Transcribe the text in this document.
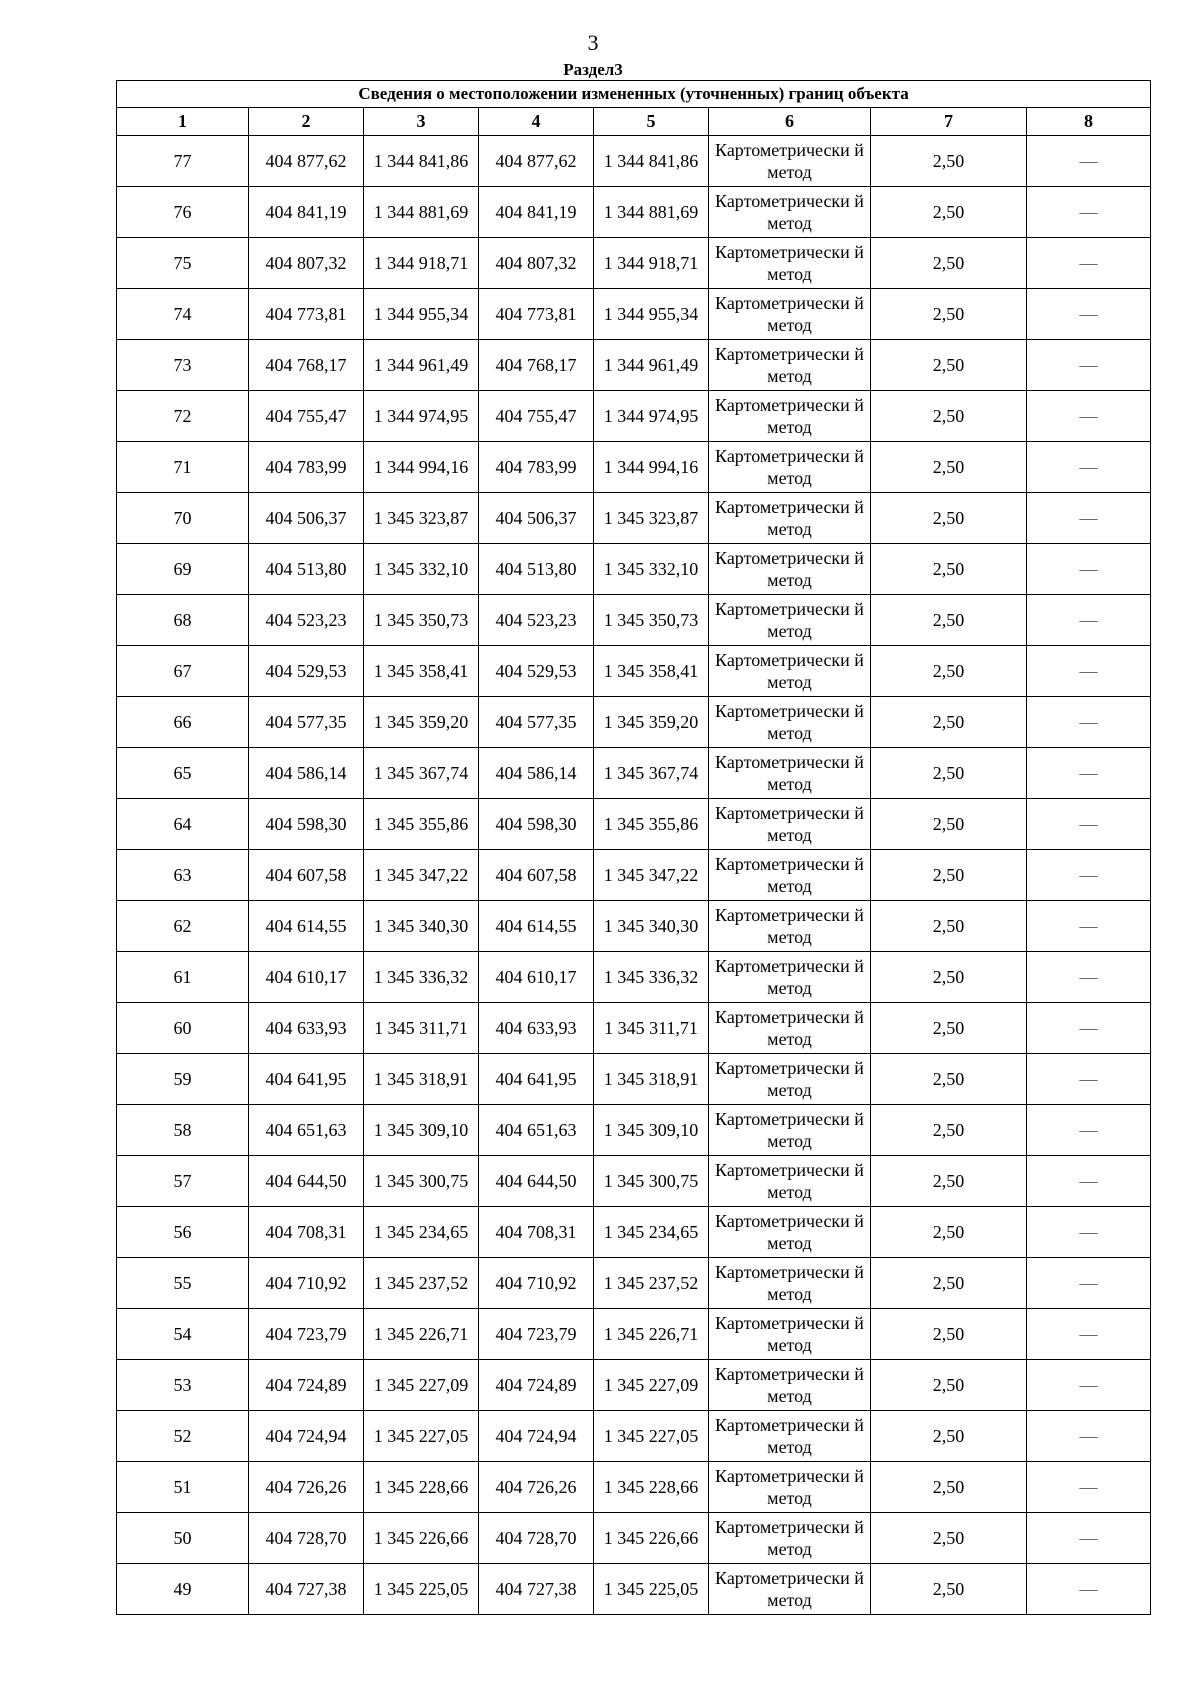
3
Раздел3
Сведения о местоположении измененных (уточненных) границ объекта							
1	2	3	4	5	6	7	8
77	404 877,62	1 344 841,86	404 877,62	1 344 841,86	Картометрически й метод	2,50	—
76	404 841,19	1 344 881,69	404 841,19	1 344 881,69	Картометрически й метод	2,50	—
75	404 807,32	1 344 918,71	404 807,32	1 344 918,71	Картометрически й метод	2,50	—
74	404 773,81	1 344 955,34	404 773,81	1 344 955,34	Картометрически й метод	2,50	—
73	404 768,17	1 344 961,49	404 768,17	1 344 961,49	Картометрически й метод	2,50	—
72	404 755,47	1 344 974,95	404 755,47	1 344 974,95	Картометрически й метод	2,50	—
71	404 783,99	1 344 994,16	404 783,99	1 344 994,16	Картометрически й метод	2,50	—
70	404 506,37	1 345 323,87	404 506,37	1 345 323,87	Картометрически й метод	2,50	—
69	404 513,80	1 345 332,10	404 513,80	1 345 332,10	Картометрически й метод	2,50	—
68	404 523,23	1 345 350,73	404 523,23	1 345 350,73	Картометрически й метод	2,50	—
67	404 529,53	1 345 358,41	404 529,53	1 345 358,41	Картометрически й метод	2,50	—
66	404 577,35	1 345 359,20	404 577,35	1 345 359,20	Картометрически й метод	2,50	—
65	404 586,14	1 345 367,74	404 586,14	1 345 367,74	Картометрически й метод	2,50	—
64	404 598,30	1 345 355,86	404 598,30	1 345 355,86	Картометрически й метод	2,50	—
63	404 607,58	1 345 347,22	404 607,58	1 345 347,22	Картометрически й метод	2,50	—
62	404 614,55	1 345 340,30	404 614,55	1 345 340,30	Картометрически й метод	2,50	—
61	404 610,17	1 345 336,32	404 610,17	1 345 336,32	Картометрически й метод	2,50	—
60	404 633,93	1 345 311,71	404 633,93	1 345 311,71	Картометрически й метод	2,50	—
59	404 641,95	1 345 318,91	404 641,95	1 345 318,91	Картометрически й метод	2,50	—
58	404 651,63	1 345 309,10	404 651,63	1 345 309,10	Картометрически й метод	2,50	—
57	404 644,50	1 345 300,75	404 644,50	1 345 300,75	Картометрически й метод	2,50	—
56	404 708,31	1 345 234,65	404 708,31	1 345 234,65	Картометрически й метод	2,50	—
55	404 710,92	1 345 237,52	404 710,92	1 345 237,52	Картометрически й метод	2,50	—
54	404 723,79	1 345 226,71	404 723,79	1 345 226,71	Картометрически й метод	2,50	—
53	404 724,89	1 345 227,09	404 724,89	1 345 227,09	Картометрически й метод	2,50	—
52	404 724,94	1 345 227,05	404 724,94	1 345 227,05	Картометрически й метод	2,50	—
51	404 726,26	1 345 228,66	404 726,26	1 345 228,66	Картометрически й метод	2,50	—
50	404 728,70	1 345 226,66	404 728,70	1 345 226,66	Картометрически й метод	2,50	—
49	404 727,38	1 345 225,05	404 727,38	1 345 225,05	Картометрически й метод	2,50	—
